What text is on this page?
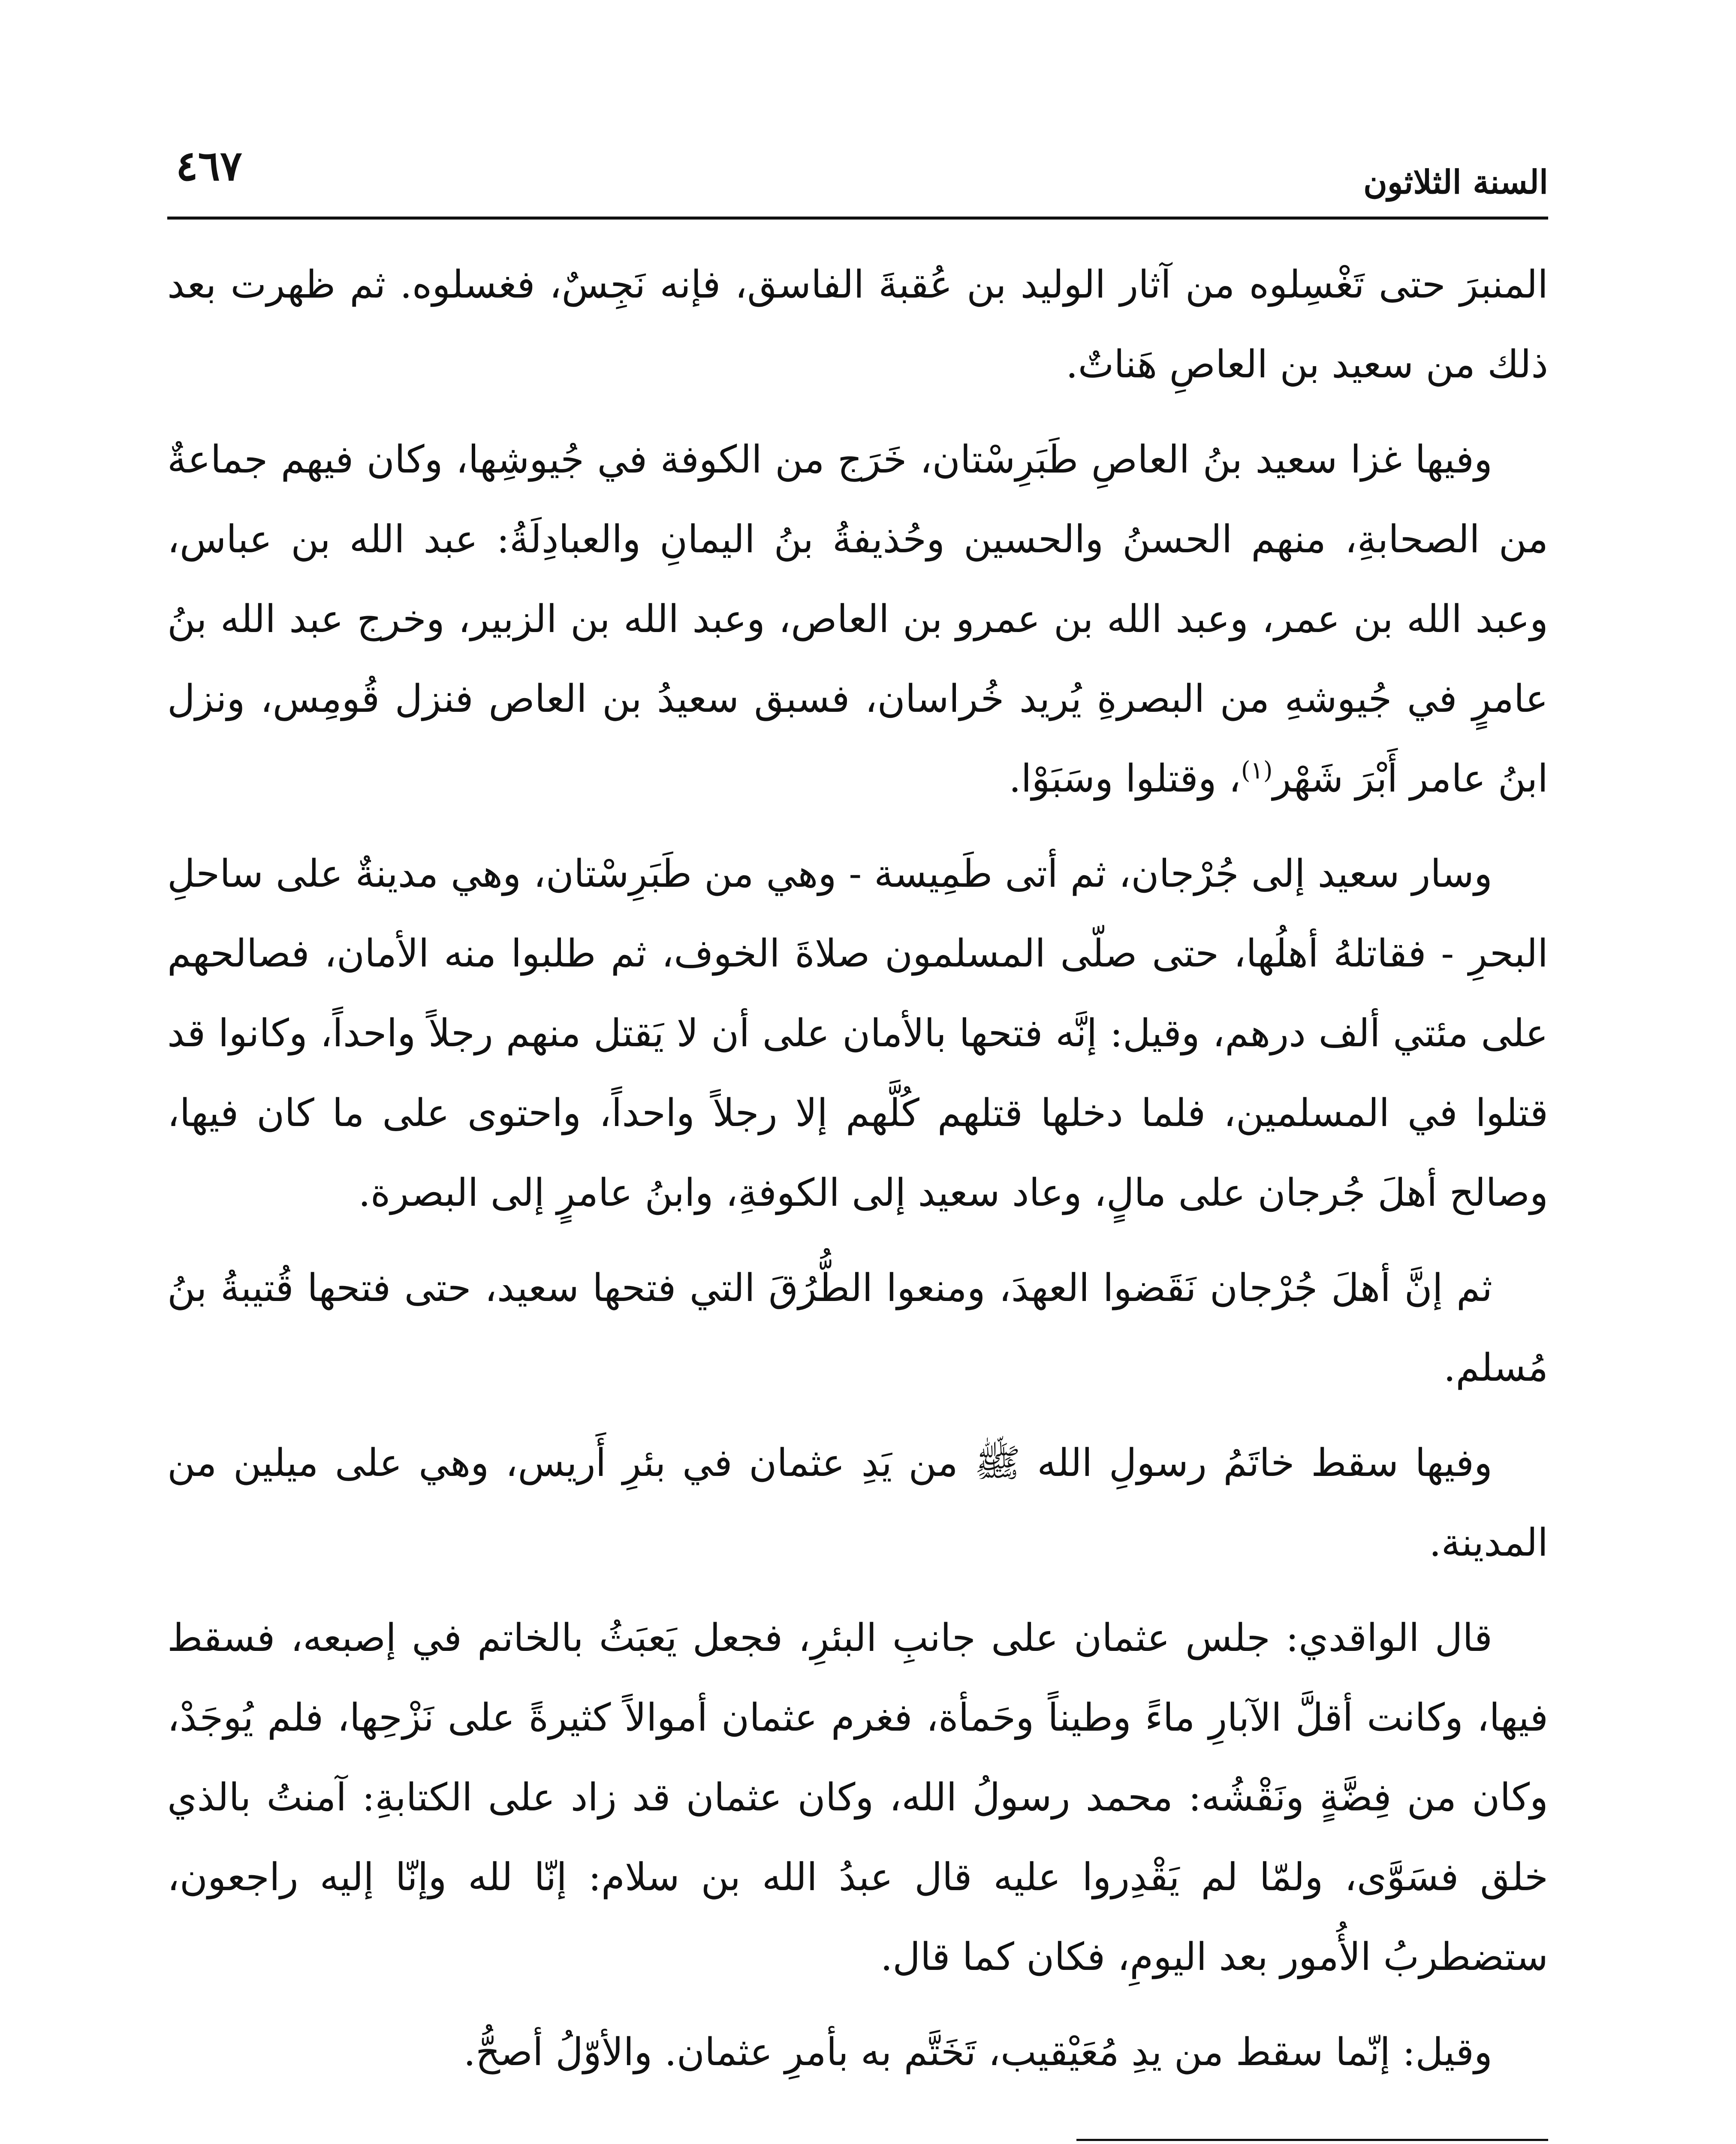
السنة الثلاثون
٤٦٧

المنبرَ حتى تَغْسِلوه من آثار الوليد بن عُقبةَ الفاسق، فإنه نَجِسٌ، فغسلوه. ثم ظهرت بعد ذلك من سعيد بن العاصِ هَناتٌ.

وفيها غزا سعيد بنُ العاصِ طَبَرِسْتان، خَرَج من الكوفة في جُيوشِها، وكان فيهم جماعةٌ من الصحابةِ، منهم الحسنُ والحسين وحُذيفةُ بنُ اليمانِ والعبادِلَةُ: عبد الله بن عباس، وعبد الله بن عمر، وعبد الله بن عمرو بن العاص، وعبد الله بن الزبير، وخرج عبد الله بنُ عامرٍ في جُيوشهِ من البصرةِ يُريد خُراسان، فسبق سعيدُ بن العاص فنزل قُومِس، ونزل ابنُ عامر أَبْرَ شَهْر$^{(١)}$، وقتلوا وسَبَوْا.

وسار سعيد إلى جُرْجان، ثم أتى طَمِيسة - وهي من طَبَرِسْتان، وهي مدينةٌ على ساحلِ البحرِ - فقاتلهُ أهلُها، حتى صلّى المسلمون صلاةَ الخوف، ثم طلبوا منه الأمان، فصالحهم على مئتي ألف درهم، وقيل: إنَّه فتحها بالأمان على أن لا يَقتل منهم رجلاً واحداً، وكانوا قد قتلوا في المسلمين، فلما دخلها قتلهم كُلَّهم إلا رجلاً واحداً، واحتوى على ما كان فيها، وصالح أهلَ جُرجان على مالٍ، وعاد سعيد إلى الكوفةِ، وابنُ عامرٍ إلى البصرة.

ثم إنَّ أهلَ جُرْجان نَقَضوا العهدَ، ومنعوا الطُّرُقَ التي فتحها سعيد، حتى فتحها قُتيبةُ بنُ مُسلم.

وفيها سقط خاتَمُ رسولِ الله ﷺ من يَدِ عثمان في بئرِ أَريس، وهي على ميلين من المدينة.

قال الواقدي: جلس عثمان على جانبِ البئرِ، فجعل يَعبَثُ بالخاتم في إصبعه، فسقط فيها، وكانت أقلَّ الآبارِ ماءً وطيناً وحَمأة، فغرم عثمان أموالاً كثيرةً على نَزْحِها، فلم يُوجَدْ، وكان من فِضَّةٍ ونَقْشُه: محمد رسولُ الله، وكان عثمان قد زاد على الكتابةِ: آمنتُ بالذي خلق فسَوَّى، ولمّا لم يَقْدِروا عليه قال عبدُ الله بن سلام: إنّا لله وإنّا إليه راجعون، ستضطربُ الأُمور بعد اليومِ، فكان كما قال.

وقيل: إنّما سقط من يدِ مُعَيْقيب، تَخَتَّم به بأمرِ عثمان. والأوّلُ أصحُّ.
